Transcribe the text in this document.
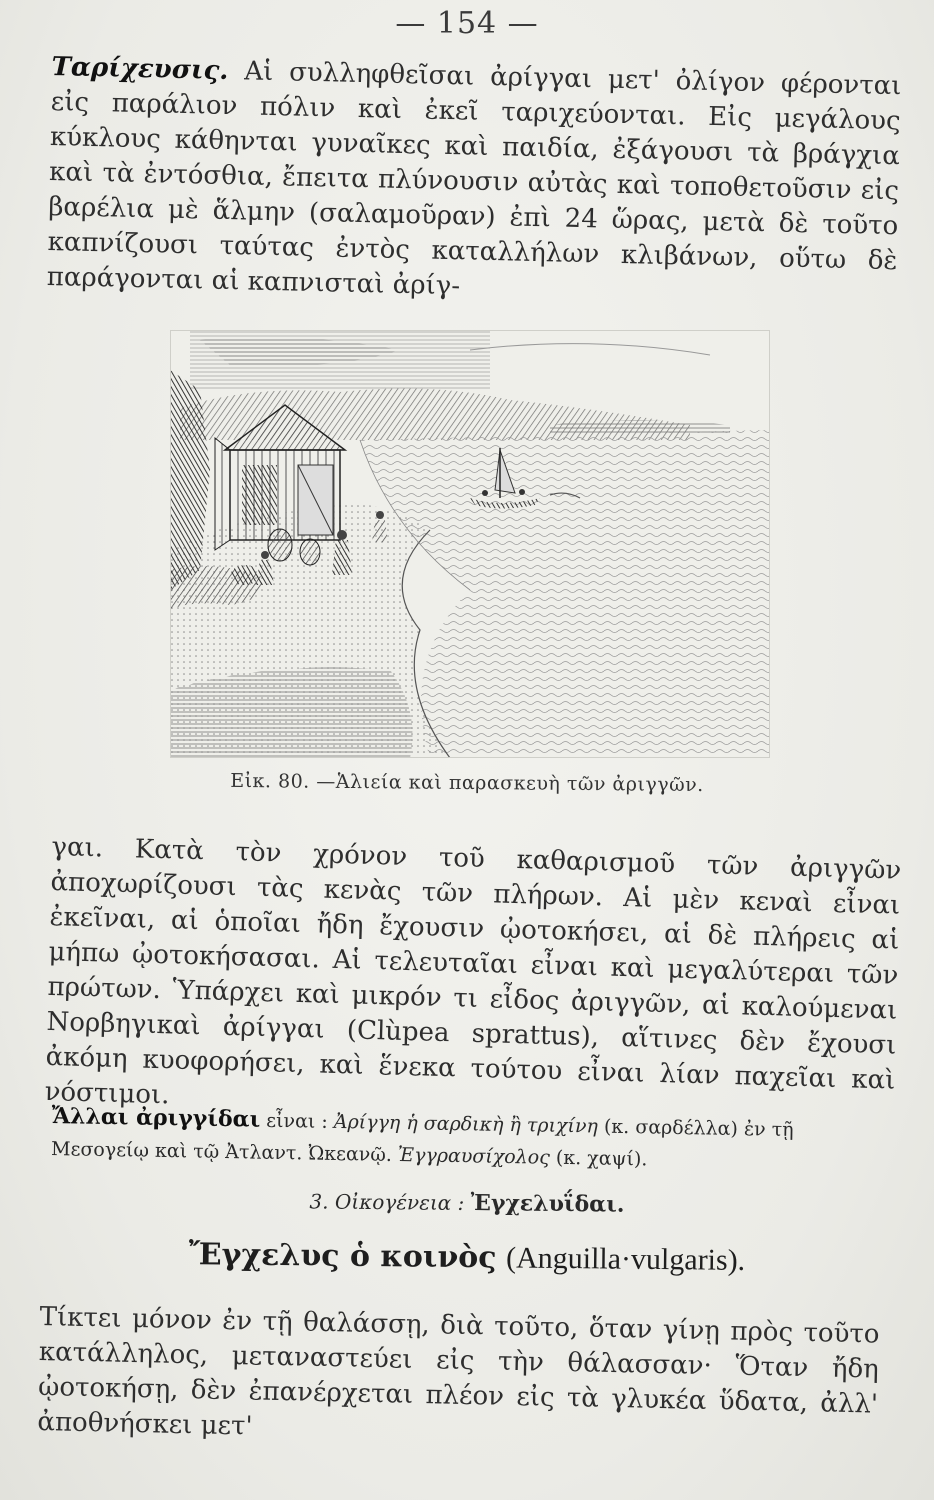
— 154 —

Ταρίχευσις. Αἱ συλληφθεῖσαι ἀρίγγαι μετ' ὀλίγον φέρονται εἰς παράλιον πόλιν καὶ ἐκεῖ ταριχεύονται. Εἰς μεγάλους κύκλους κάθηνται γυναῖκες καὶ παιδία, ἐξάγουσι τὰ βράγχια καὶ τὰ ἐντόσθια, ἔπειτα πλύνουσιν αὐτὰς καὶ τοποθετοῦσιν εἰς βαρέλια μὲ ἅλμην (σαλαμοῦραν) ἐπὶ 24 ὥρας, μετὰ δὲ τοῦτο καπνίζουσι ταύτας ἐντὸς καταλλήλων κλιβάνων, οὕτω δὲ παράγονται αἱ καπνισταὶ ἀρίγ-

Εἰκ. 80. —Ἁλιεία καὶ παρασκευὴ τῶν ἀριγγῶν.

γαι. Κατὰ τὸν χρόνον τοῦ καθαρισμοῦ τῶν ἀριγγῶν ἀποχωρίζουσι τὰς κενὰς τῶν πλήρων. Αἱ μὲν κεναὶ εἶναι ἐκεῖναι, αἱ ὁποῖαι ἤδη ἔχουσιν ᾠοτοκήσει, αἱ δὲ πλήρεις αἱ μήπω ᾠοτοκήσασαι. Αἱ τελευταῖαι εἶναι καὶ μεγαλύτεραι τῶν πρώτων. Ὑπάρχει καὶ μικρόν τι εἶδος ἀριγγῶν, αἱ καλούμεναι Νορβηγικαὶ ἀρίγγαι (Clùpea sprattus), αἵτινες δὲν ἔχουσι ἀκόμη κυοφορήσει, καὶ ἕνεκα τούτου εἶναι λίαν παχεῖαι καὶ νόστιμοι.

Ἄλλαι ἀριγγίδαι εἶναι : Ἀρίγγη ἡ σαρδικὴ ἢ τριχίνη (κ. σαρδέλλα) ἐν τῇ Μεσογείῳ καὶ τῷ Ἀτλαντ. Ὠκεανῷ. Ἐγγραυσίχολος (κ. χαψί).
3. Οἰκογένεια : Ἐγχελυΐδαι.
Ἔγχελυς ὁ κοινὸς (Anguilla·vulgaris).

Τίκτει μόνον ἐν τῇ θαλάσσῃ, διὰ τοῦτο, ὅταν γίνῃ πρὸς τοῦτο κατάλληλος, μεταναστεύει εἰς τὴν θάλασσαν· Ὅταν ἤδη ᾠοτοκήσῃ, δὲν ἐπανέρχεται πλέον εἰς τὰ γλυκέα ὕδατα, ἀλλ' ἀποθνήσκει μετ'
